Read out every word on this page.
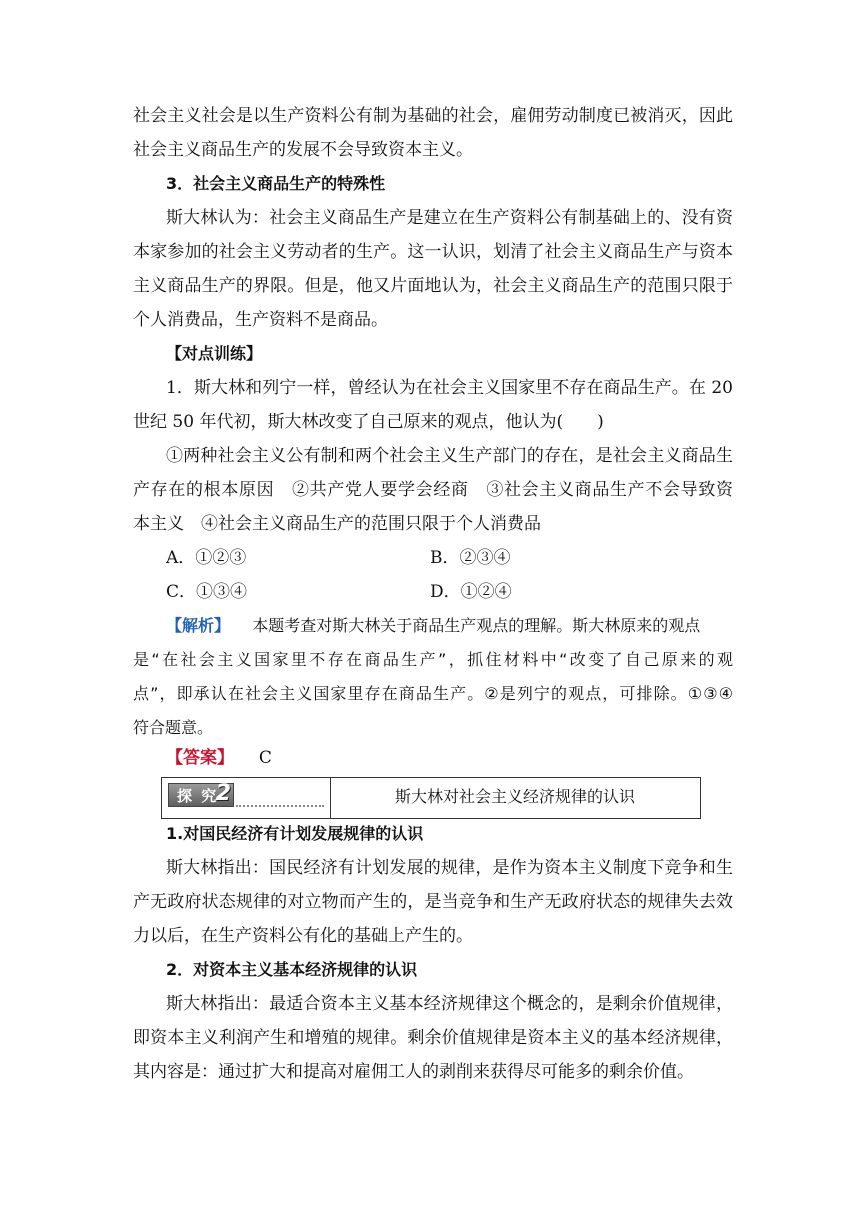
社会主义社会是以生产资料公有制为基础的社会，雇佣劳动制度已被消灭，因此
社会主义商品生产的发展不会导致资本主义。
3．社会主义商品生产的特殊性
斯大林认为：社会主义商品生产是建立在生产资料公有制基础上的、没有资
本家参加的社会主义劳动者的生产。这一认识，划清了社会主义商品生产与资本
主义商品生产的界限。但是，他又片面地认为，社会主义商品生产的范围只限于
个人消费品，生产资料不是商品。
【对点训练】
1．斯大林和列宁一样，曾经认为在社会主义国家里不存在商品生产。在 20
世纪 50 年代初，斯大林改变了自己原来的观点，他认为(　　)
①两种社会主义公有制和两个社会主义生产部门的存在，是社会主义商品生
产存在的根本原因　②共产党人要学会经商　③社会主义商品生产不会导致资
本主义　④社会主义商品生产的范围只限于个人消费品
A．①②③	B．②③④
C．①③④	D．①②④
【解析】 本题考查对斯大林关于商品生产观点的理解。斯大林原来的观点
是“在社会主义国家里不存在商品生产”，抓住材料中“改变了自己原来的观
点”，即承认在社会主义国家里存在商品生产。②是列宁的观点，可排除。①③④
符合题意。
【答案】 C
探 究
2	斯大林对社会主义经济规律的认识
1.对国民经济有计划发展规律的认识
斯大林指出：国民经济有计划发展的规律，是作为资本主义制度下竞争和生
产无政府状态规律的对立物而产生的，是当竞争和生产无政府状态的规律失去效
力以后，在生产资料公有化的基础上产生的。
2．对资本主义基本经济规律的认识
斯大林指出：最适合资本主义基本经济规律这个概念的，是剩余价值规律，
即资本主义利润产生和增殖的规律。剩余价值规律是资本主义的基本经济规律，
其内容是：通过扩大和提高对雇佣工人的剥削来获得尽可能多的剩余价值。
